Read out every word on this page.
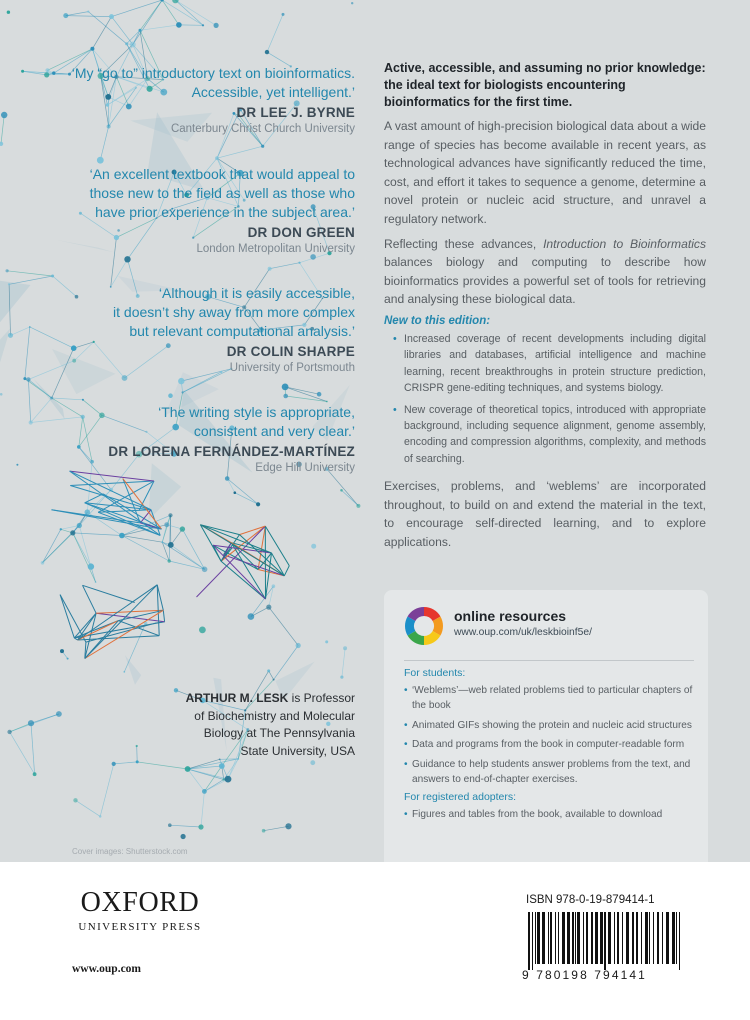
‘My “go to” introductory text on bioinformatics.
Accessible, yet intelligent.’
DR LEE J. BYRNE
Canterbury Christ Church University
‘An excellent textbook that would appeal to
those new to the field as well as those who
have prior experience in the subject area.’
DR DON GREEN
London Metropolitan University
‘Although it is easily accessible,
it doesn’t shy away from more complex
but relevant computational analysis.’
DR COLIN SHARPE
University of Portsmouth
‘The writing style is appropriate,
consistent and very clear.’
DR LORENA FERNÁNDEZ-MARTÍNEZ
Edge Hill University
ARTHUR M. LESK is Professor
of Biochemistry and Molecular
Biology at The Pennsylvania
State University, USA
Cover images: Shutterstock.com
Active, accessible, and assuming no prior knowledge: the ideal text for biologists encountering bioinformatics for the first time.

A vast amount of high-precision biological data about a wide range of species has become available in recent years, as technological advances have significantly reduced the time, cost, and effort it takes to sequence a genome, determine a novel protein or nucleic acid structure, and unravel a regulatory network.

Reflecting these advances, Introduction to Bioinformatics balances biology and computing to describe how bioinformatics provides a powerful set of tools for retrieving and analysing these biological data.

New to this edition:
• Increased coverage of recent developments including digital libraries and databases, artificial intelligence and machine learning, recent breakthroughs in protein structure prediction, CRISPR gene-editing techniques, and systems biology.
• New coverage of theoretical topics, introduced with appropriate background, including sequence alignment, genome assembly, encoding and compression algorithms, complexity, and methods of searching.

Exercises, problems, and ‘weblems’ are incorporated throughout, to build on and extend the material in the text, to encourage self-directed learning, and to explore applications.

online resources
www.oup.com/uk/leskbioinf5e/
For students:
• ‘Weblems’—web related problems tied to particular chapters of the book
• Animated GIFs showing the protein and nucleic acid structures
• Data and programs from the book in computer-readable form
• Guidance to help students answer problems from the text, and answers to end-of-chapter exercises.
For registered adopters:
• Figures and tables from the book, available to download
OXFORD
UNIVERSITY PRESS
www.oup.com
ISBN 978-0-19-879414-1
9 780198 794141
